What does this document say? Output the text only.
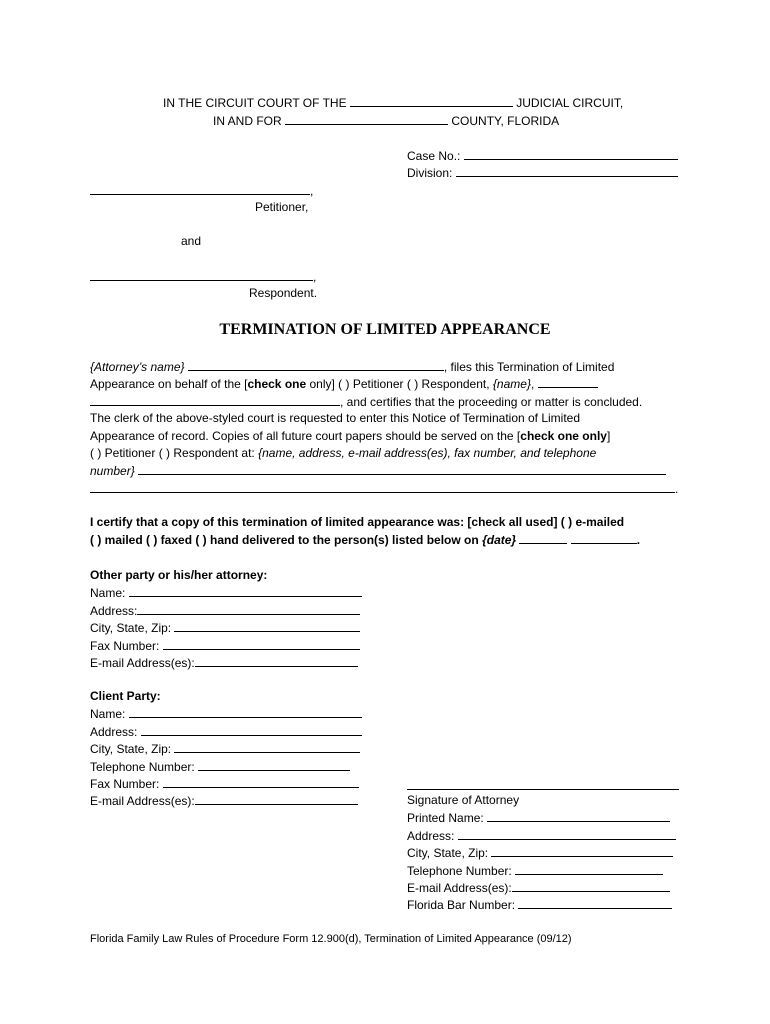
IN THE CIRCUIT COURT OF THE	JUDICIAL CIRCUIT,
IN AND FOR	COUNTY, FLORIDA
Case No.:
Division:
,
Petitioner,
and
,
Respondent.
TERMINATION OF LIMITED APPEARANCE
{Attorney’s name}	, files this Termination of Limited
Appearance on behalf of the [check one only] ( ) Petitioner ( ) Respondent, {name},
, and certifies that the proceeding or matter is concluded.
The clerk of the above-styled court is requested to enter this Notice of Termination of Limited
Appearance of record. Copies of all future court papers should be served on the [check one only]
( ) Petitioner ( ) Respondent at: {name, address, e-mail address(es), fax number, and telephone
number}
.
I certify that a copy of this termination of limited appearance was: [check all used] ( ) e-mailed
( ) mailed ( ) faxed ( ) hand delivered to the person(s) listed below on {date}	.
Other party or his/her attorney:
Name:
Address:
City, State, Zip:
Fax Number:
E-mail Address(es):
Client Party:
Name:
Address:
City, State, Zip:
Telephone Number:
Fax Number:
E-mail Address(es):	Signature of Attorney
Printed Name:
Address:
City, State, Zip:
Telephone Number:
E-mail Address(es):
Florida Bar Number:
Florida Family Law Rules of Procedure Form 12.900(d), Termination of Limited Appearance (09/12)
